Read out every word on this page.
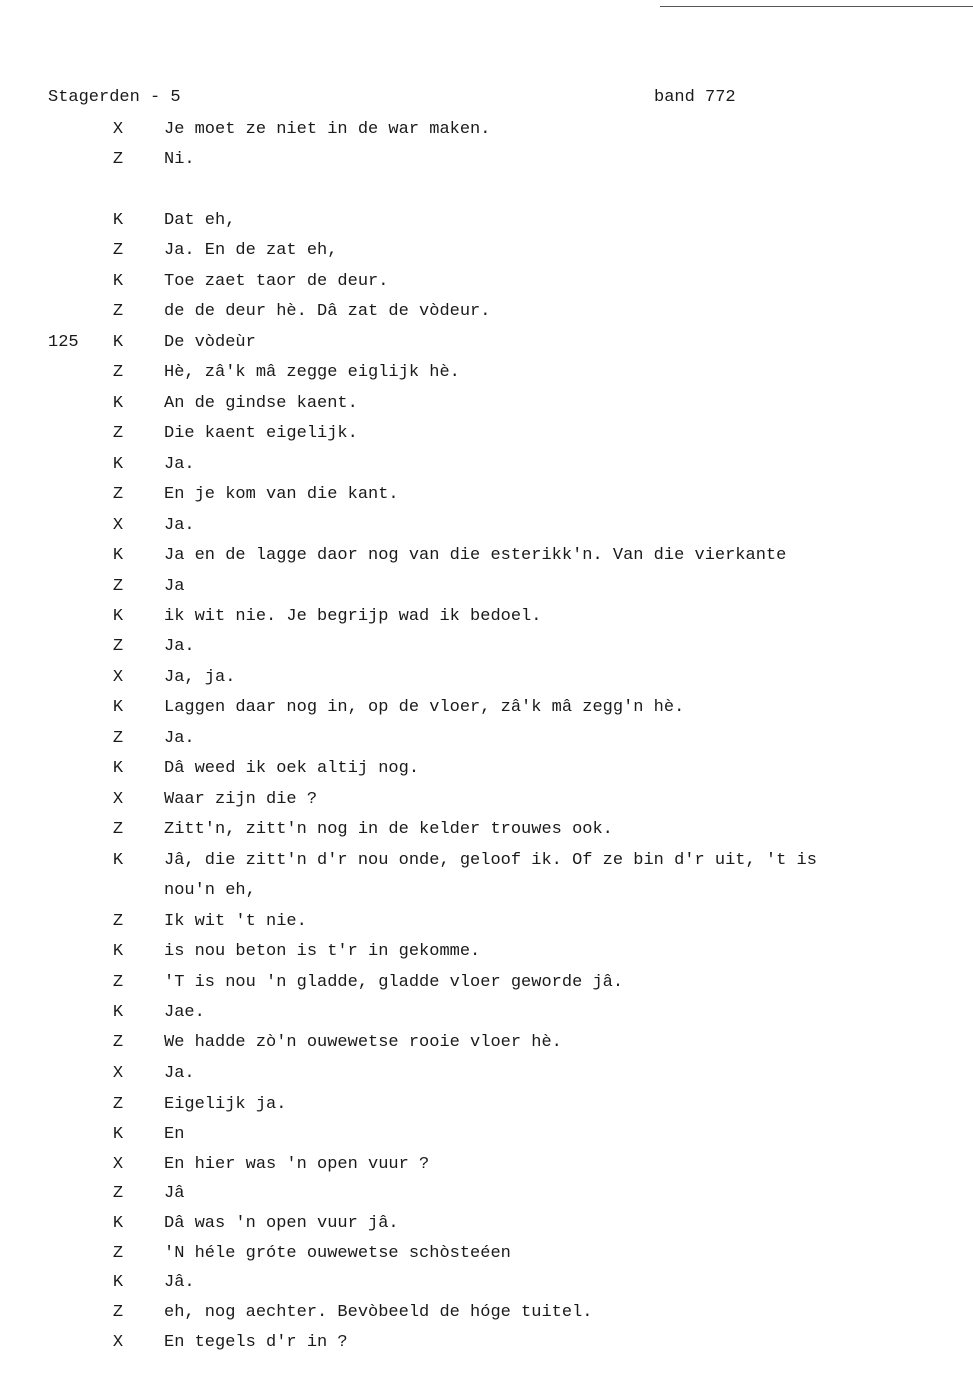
Stagerden - 5	band 772
X Je moet ze niet in de war maken.
Z Ni.
K Dat eh,
Z Ja. En de zat eh,
K Toe zaet taor de deur.
Z de de deur hè. Dâ zat de vòdeur.
125 K De vòdeùr
Z Hè, zâ'k mâ zegge eiglijk hè.
K An de gindse kaent.
Z Die kaent eigelijk.
K Ja.
Z En je kom van die kant.
X Ja.
K Ja en de lagge daor nog van die esterikk'n. Van die vierkante
Z Ja
K ik wit nie. Je begrijp wad ik bedoel.
Z Ja.
X Ja, ja.
K Laggen daar nog in, op de vloer, zâ'k mâ zegg'n hè.
Z Ja.
K Dâ weed ik oek altij nog.
X Waar zijn die ?
Z Zitt'n, zitt'n nog in de kelder trouwes ook.
K Jâ, die zitt'n d'r nou onde, geloof ik. Of ze bin d'r uit, 't is
nou'n eh,
Z Ik wit 't nie.
K is nou beton is t'r in gekomme.
Z 'T is nou 'n gladde, gladde vloer geworde jâ.
K Jae.
Z We hadde zò'n ouwewetse rooie vloer hè.
X Ja.
Z Eigelijk ja.
K En
X En hier was 'n open vuur ?
Z Jâ
K Dâ was 'n open vuur jâ.
Z 'N héle gróte ouwewetse schòsteéen
K Jâ.
Z eh, nog aechter. Bevòbeeld de hóge tuitel.
X En tegels d'r in ?
